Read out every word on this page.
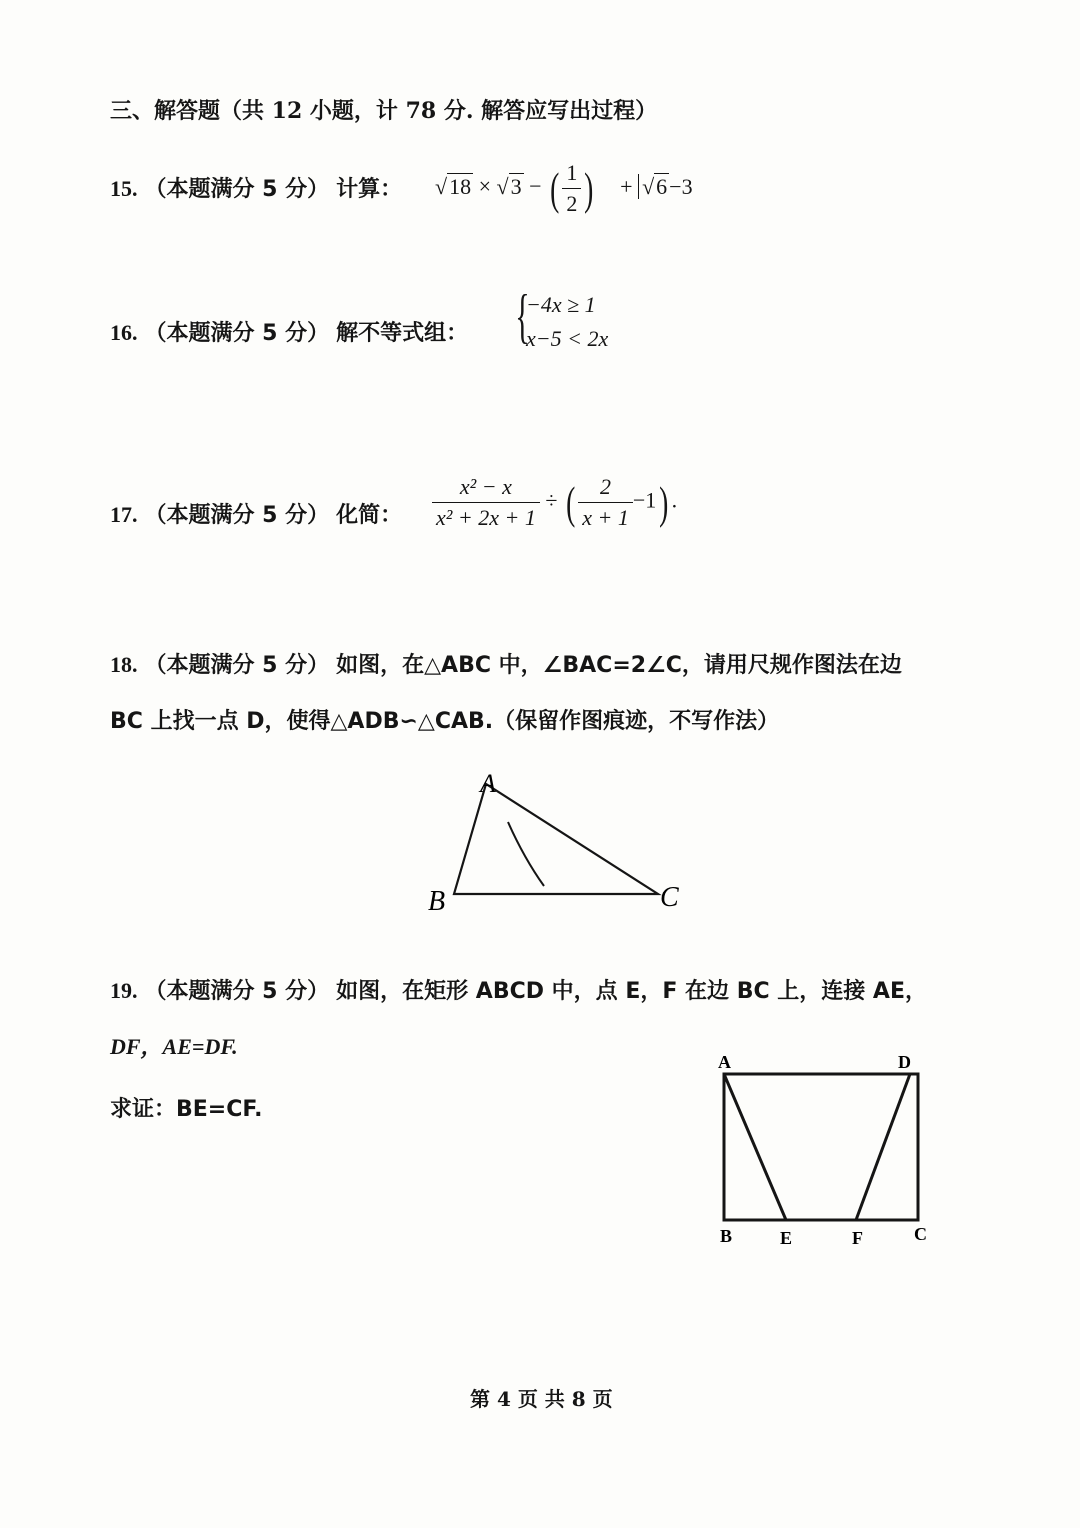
三、解答题（共 12 小题，计 78 分. 解答应写出过程）
15. （本题满分 5 分） 计算： √18 × √3 − ( $\frac{1}{2}$ ) + √6−3
16. （本题满分 5 分） 解不等式组： {
−4x ≥ 1
x−5 < 2x
17. （本题满分 5 分） 化简： $\frac{\text{x² − x}}{\text{x² + 2x + 1}}$ ÷ ( $\frac{2}{x + 1} -1$) .
18. （本题满分 5 分） 如图，在△ABC 中，∠BAC=2∠C，请用尺规作图法在边
BC 上找一点 D，使得△ADB∽△CAB.（保留作图痕迹，不写作法）
A
B	C
19. （本题满分 5 分） 如图，在矩形 ABCD 中，点 E，F 在边 BC 上，连接 AE，
DF，AE=DF.
求证：BE=CF.
A	D
B	E	F	C
第 4 页 共 8 页
